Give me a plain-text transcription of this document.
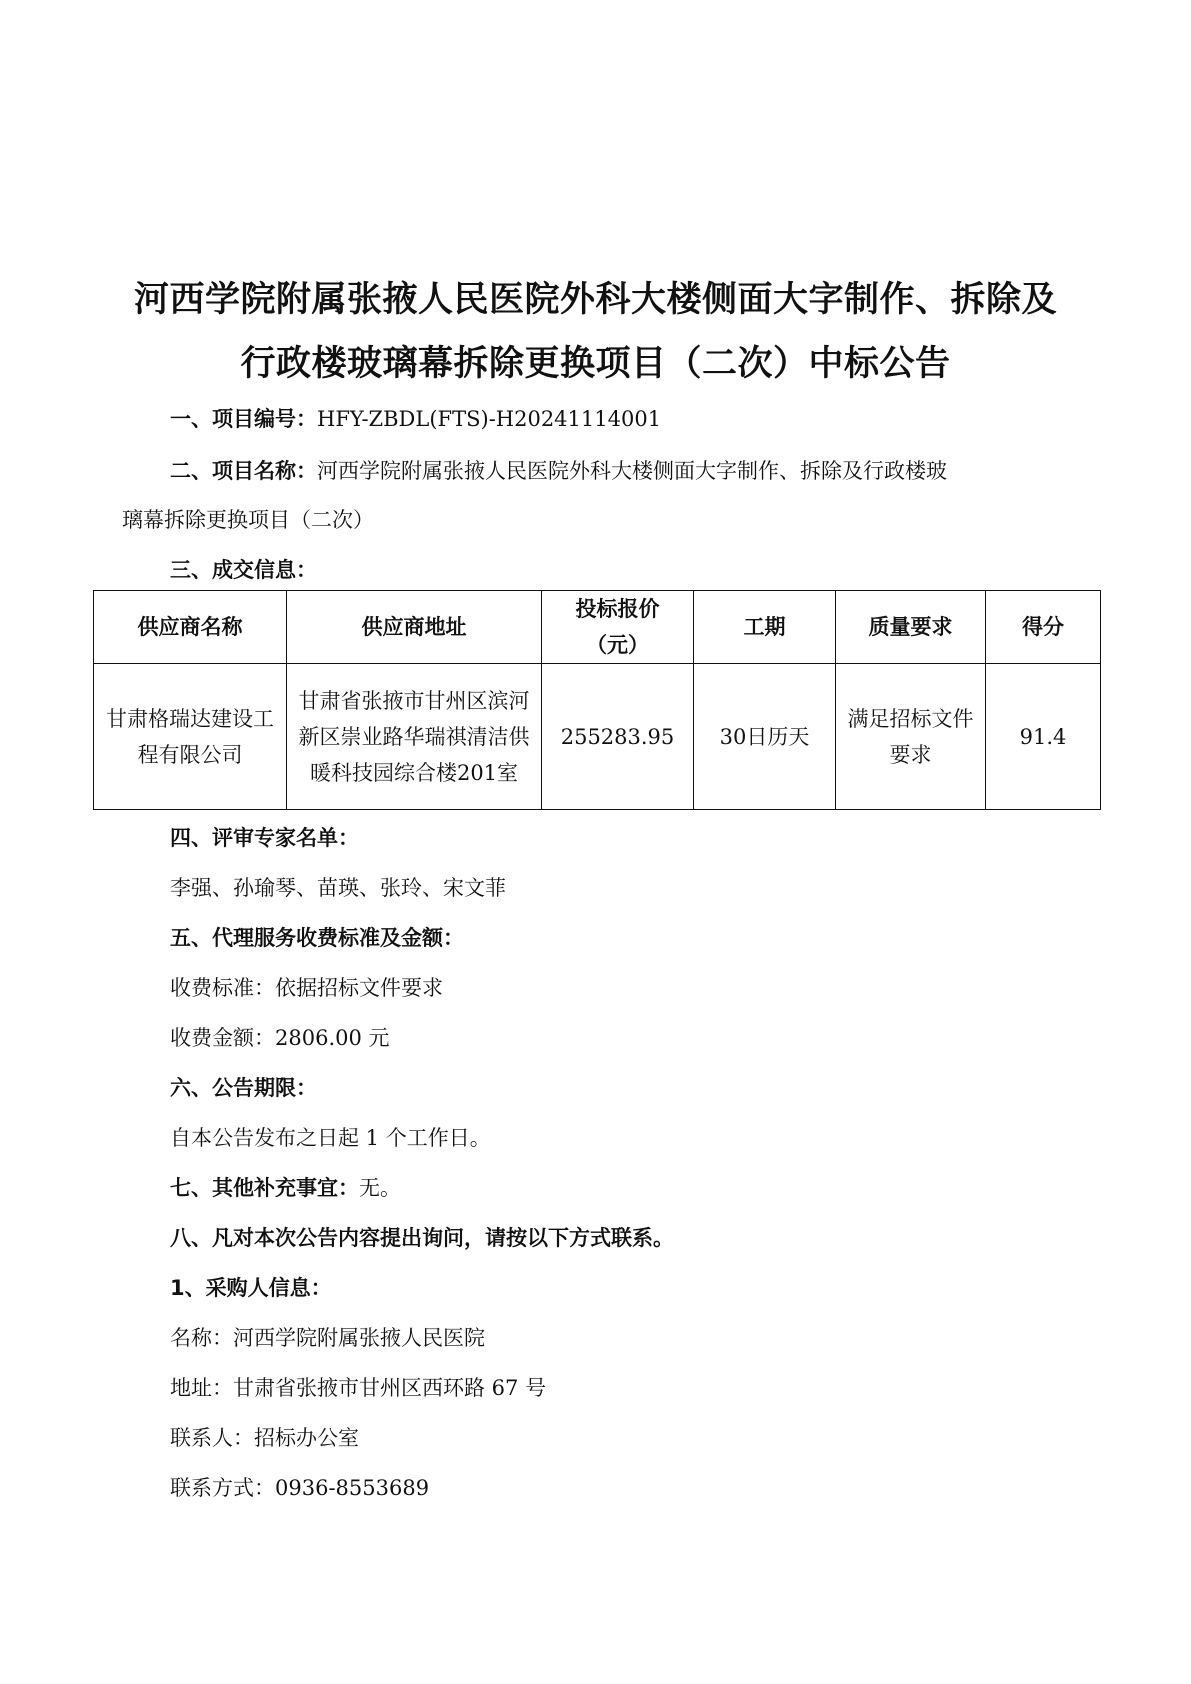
河西学院附属张掖人民医院外科大楼侧面大字制作、拆除及
行政楼玻璃幕拆除更换项目（二次）中标公告
一、项目编号：HFY-ZBDL(FTS)-H20241114001
二、项目名称：河西学院附属张掖人民医院外科大楼侧面大字制作、拆除及行政楼玻
璃幕拆除更换项目（二次）
三、成交信息：
供应商名称	供应商地址	投标报价（元）	工期	质量要求	得分
甘肃格瑞达建设工程有限公司	甘肃省张掖市甘州区滨河新区崇业路华瑞祺清洁供暖科技园综合楼201室	255283.95	30日历天	满足招标文件要求	91.4
四、评审专家名单：
李强、孙瑜琴、苗瑛、张玲、宋文菲
五、代理服务收费标准及金额：
收费标准：依据招标文件要求
收费金额：2806.00 元
六、公告期限：
自本公告发布之日起 1 个工作日。
七、其他补充事宜：无。
八、凡对本次公告内容提出询问，请按以下方式联系。
1、采购人信息：
名称：河西学院附属张掖人民医院
地址：甘肃省张掖市甘州区西环路 67 号
联系人：招标办公室
联系方式：0936-8553689
